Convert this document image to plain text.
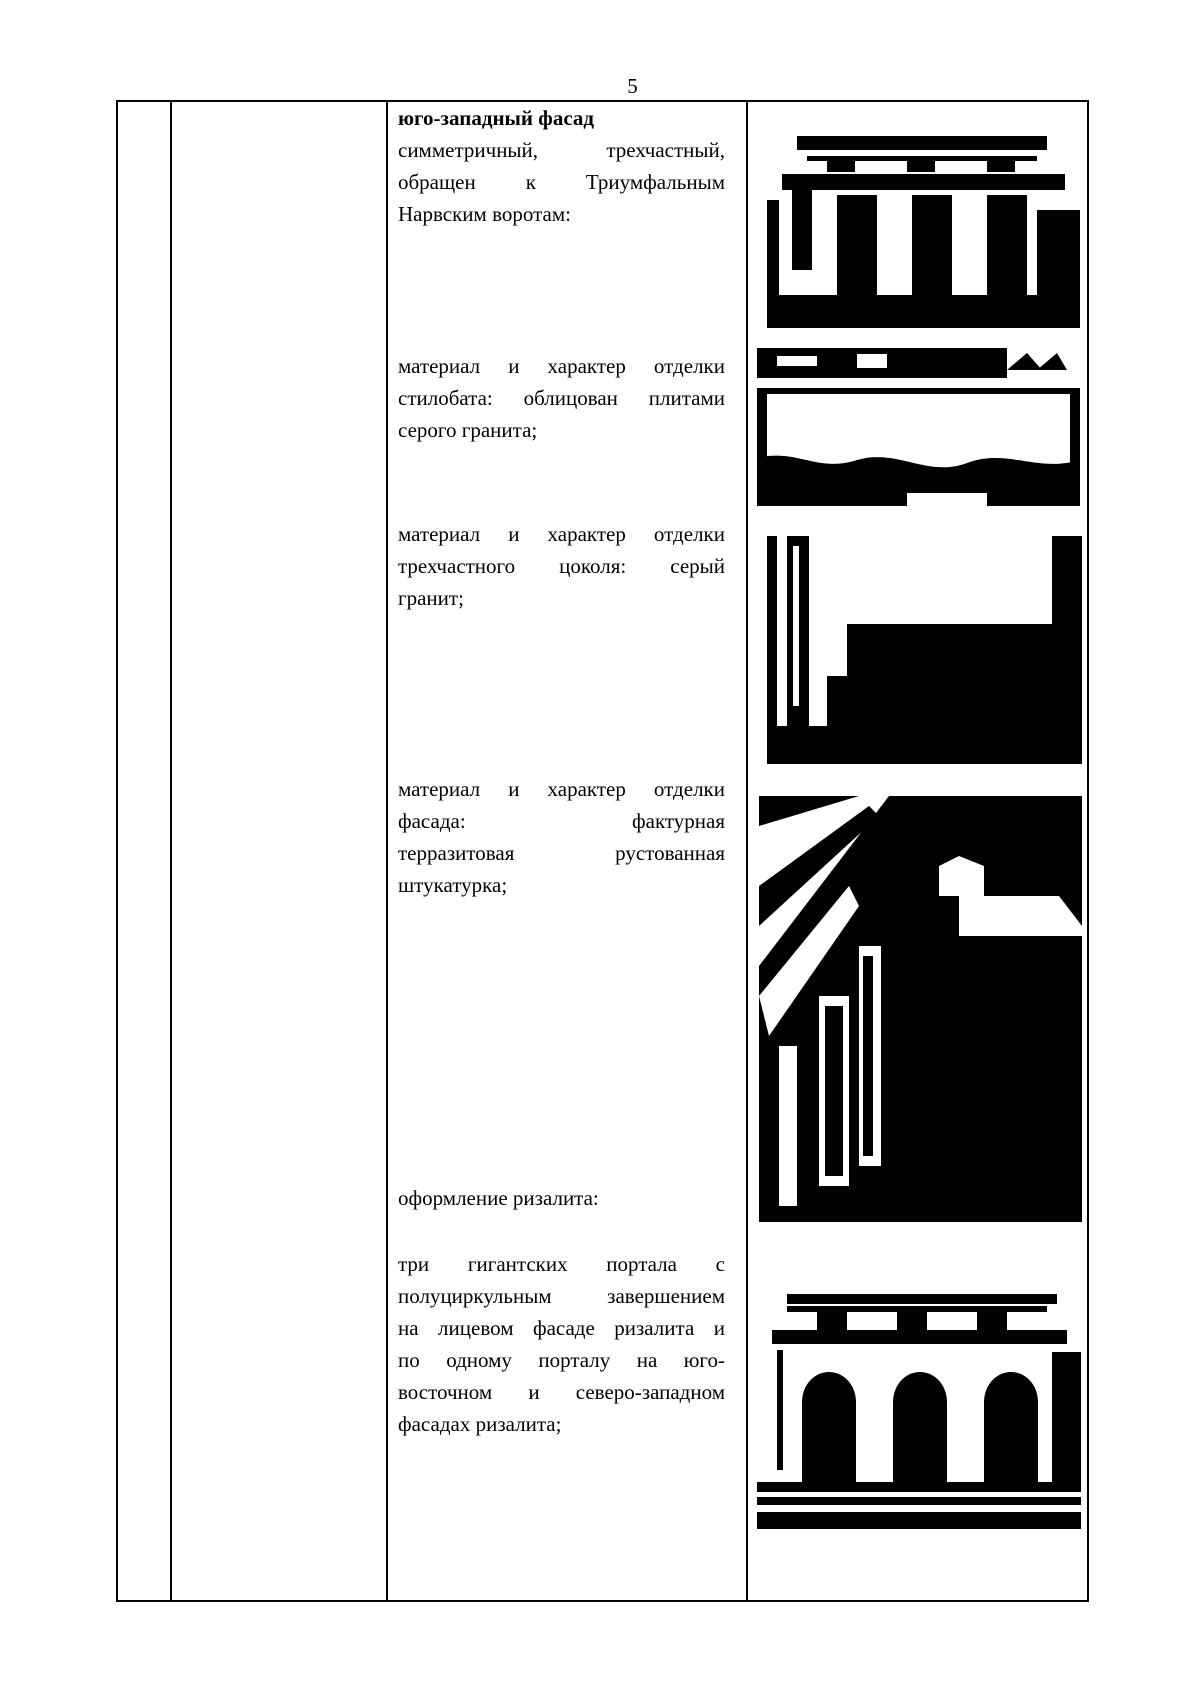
5
юго-западный фасад
симметричный, трехчастный,
обращен к Триумфальным
Нарвским воротам:
материал и характер отделки
стилобата: облицован плитами
серого гранита;
материал и характер отделки
трехчастного цоколя: серый
гранит;
материал и характер отделки
фасада: фактурная
терразитовая рустованная
штукатурка;
оформление ризалита:
три гигантских портала с
полуциркульным завершением
на лицевом фасаде ризалита и
по одному порталу на юго-
восточном и северо-западном
фасадах ризалита;
